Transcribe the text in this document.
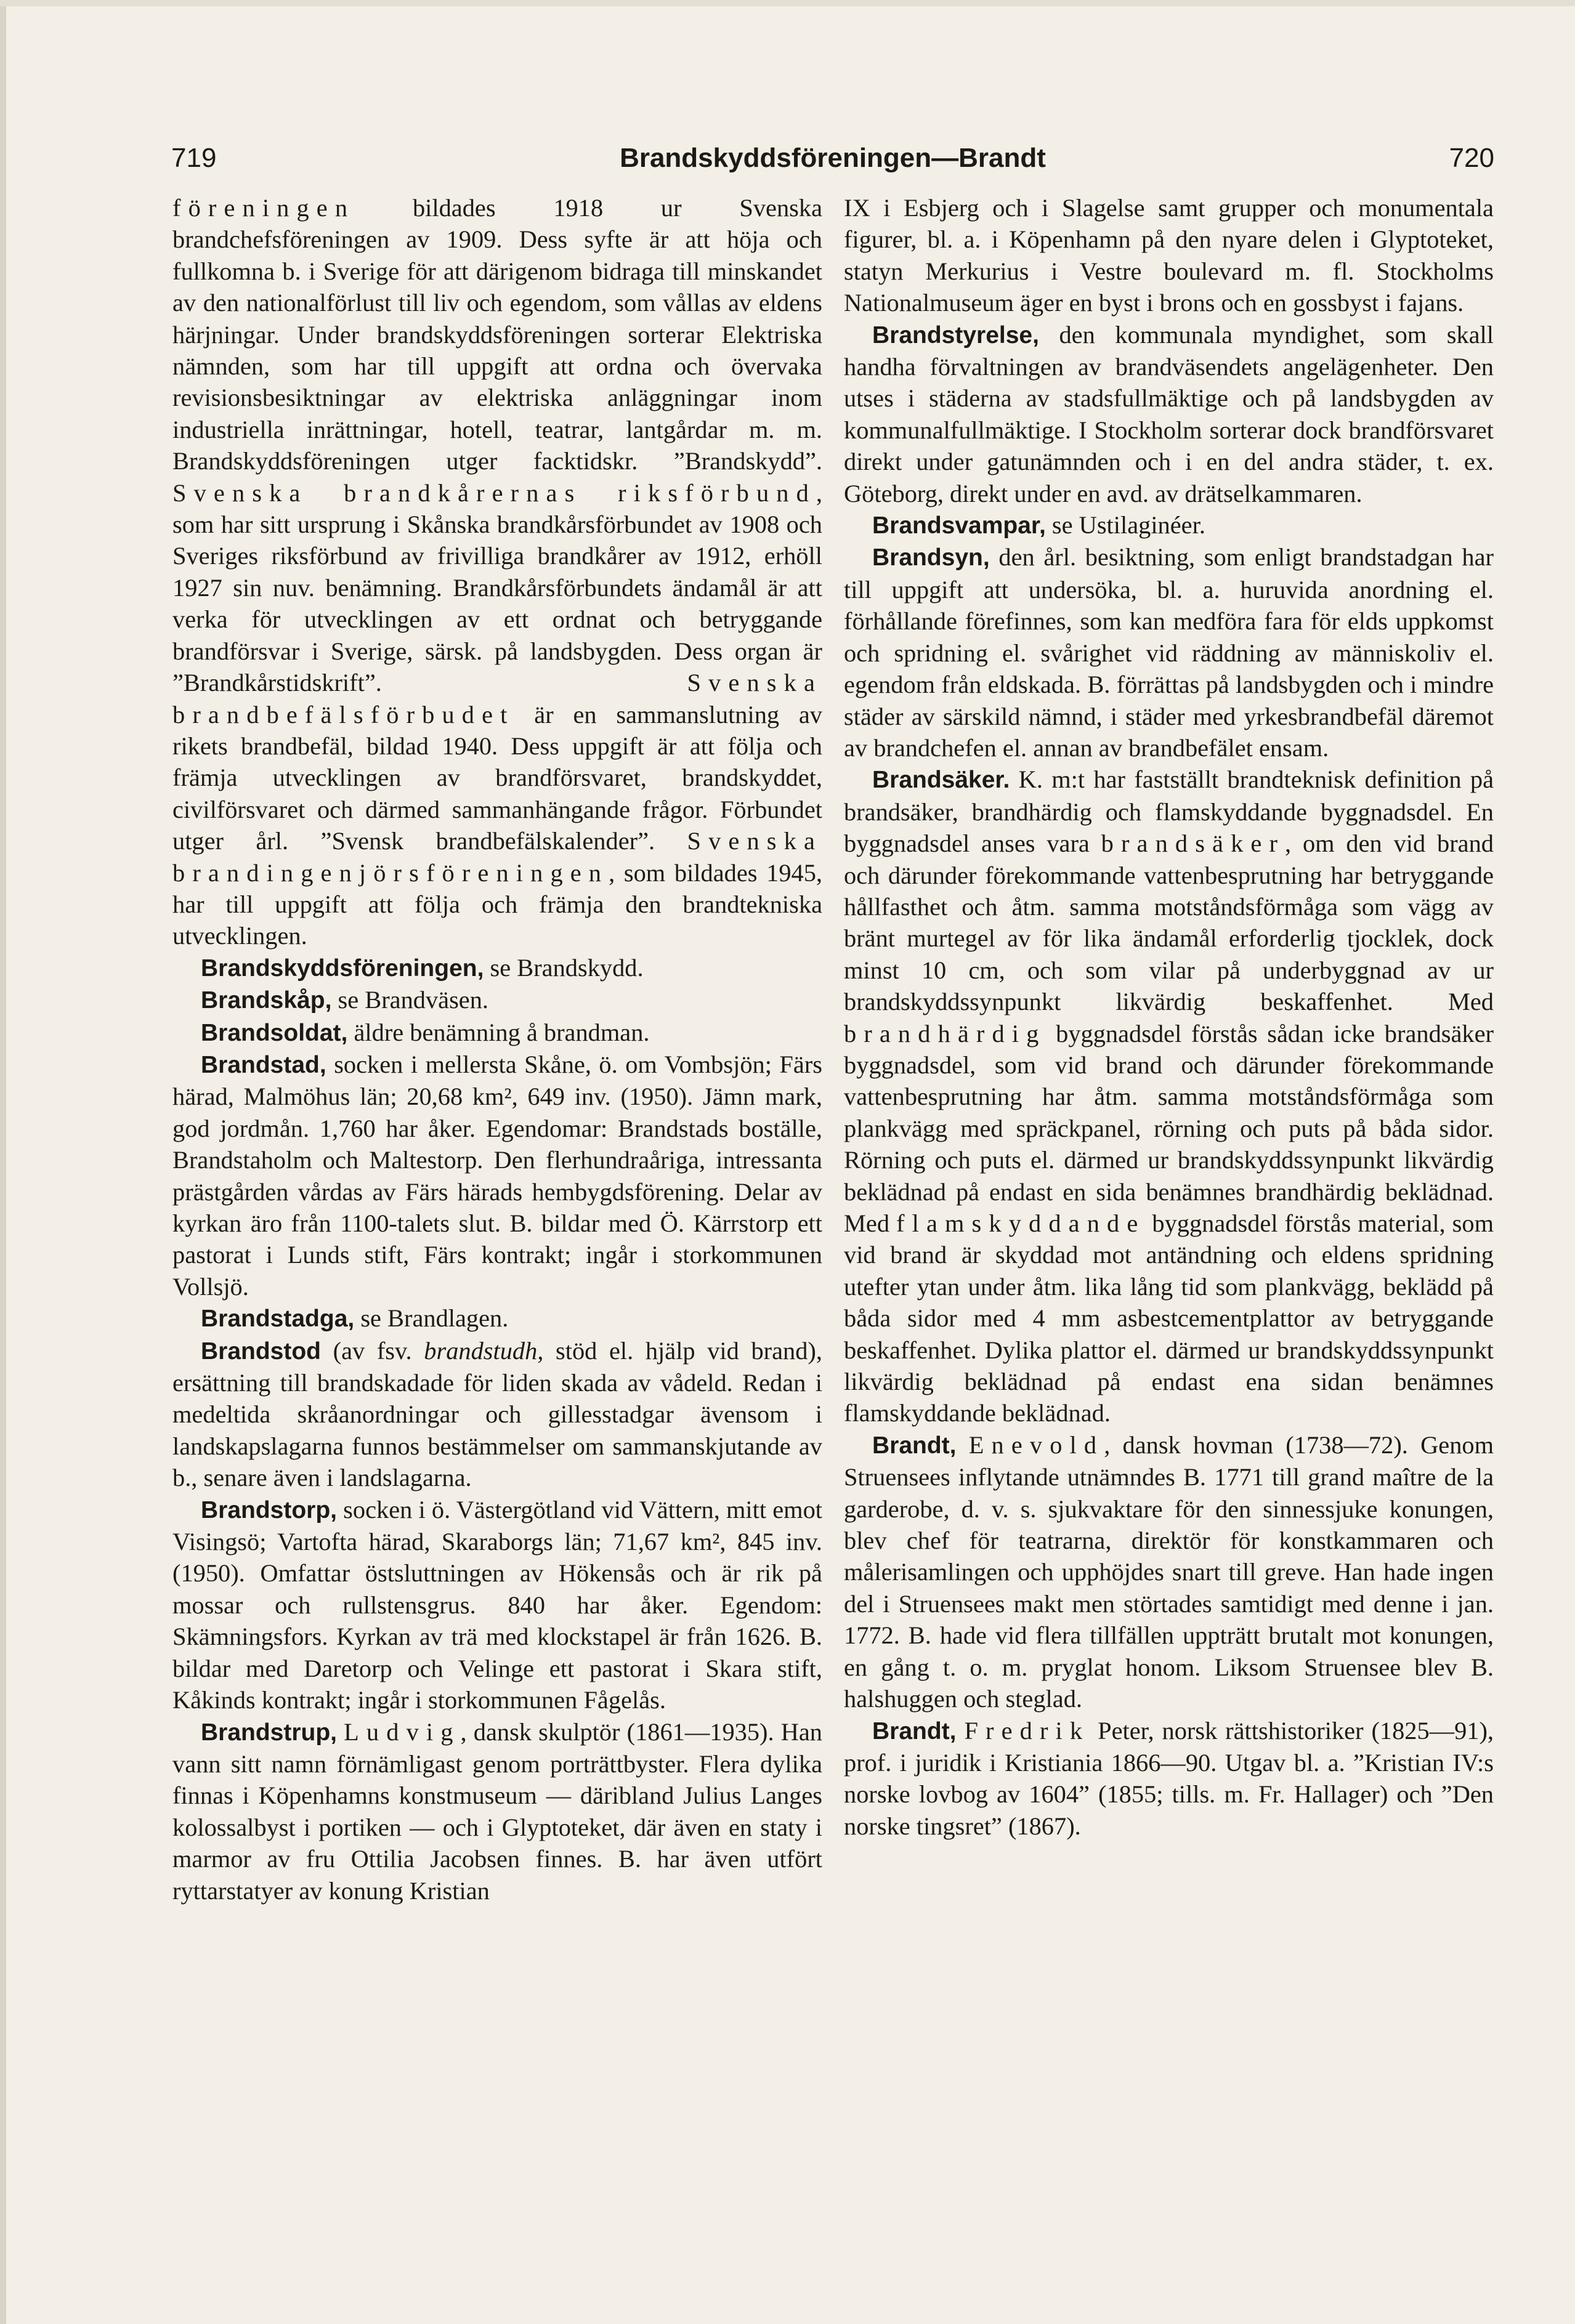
719	Brandskyddsföreningen—Brandt	720

föreningen bildades 1918 ur Svenska brandchefsföreningen av 1909. Dess syfte är att höja och fullkomna b. i Sverige för att därigenom bidraga till minskandet av den nationalförlust till liv och egendom, som vållas av eldens härjningar. Under brandskyddsföreningen sorterar Elektriska nämnden, som har till uppgift att ordna och övervaka revisionsbesiktningar av elektriska anläggningar inom industriella inrättningar, hotell, teatrar, lantgårdar m. m. Brandskyddsföreningen utger facktidskr. ”Brandskydd”. Svenska brandkårernas riksförbund, som har sitt ursprung i Skånska brandkårsförbundet av 1908 och Sveriges riksförbund av frivilliga brandkårer av 1912, erhöll 1927 sin nuv. benämning. Brandkårsförbundets ändamål är att verka för utvecklingen av ett ordnat och betryggande brandförsvar i Sverige, särsk. på landsbygden. Dess organ är ”Brandkårstidskrift”. Svenska brandbefälsförbudet är en sammanslutning av rikets brandbefäl, bildad 1940. Dess uppgift är att följa och främja utvecklingen av brandförsvaret, brandskyddet, civilförsvaret och därmed sammanhängande frågor. Förbundet utger årl. ”Svensk brandbefälskalender”. Svenska brandingenjörsföreningen, som bildades 1945, har till uppgift att följa och främja den brandtekniska utvecklingen.

Brandskyddsföreningen, se Brandskydd.

Brandskåp, se Brandväsen.

Brandsoldat, äldre benämning å brandman.

Brandstad, socken i mellersta Skåne, ö. om Vombsjön; Färs härad, Malmöhus län; 20,68 km², 649 inv. (1950). Jämn mark, god jordmån. 1,760 har åker. Egendomar: Brandstads boställe, Brandstaholm och Maltestorp. Den flerhundraåriga, intressanta prästgården vårdas av Färs härads hembygdsförening. Delar av kyrkan äro från 1100-talets slut. B. bildar med Ö. Kärrstorp ett pastorat i Lunds stift, Färs kontrakt; ingår i storkommunen Vollsjö.

Brandstadga, se Brandlagen.

Brandstod (av fsv. brandstudh, stöd el. hjälp vid brand), ersättning till brandskadade för liden skada av vådeld. Redan i medeltida skråanordningar och gillesstadgar ävensom i landskapslagarna funnos bestämmelser om sammanskjutande av b., senare även i landslagarna.

Brandstorp, socken i ö. Västergötland vid Vättern, mitt emot Visingsö; Vartofta härad, Skaraborgs län; 71,67 km², 845 inv. (1950). Omfattar östsluttningen av Hökensås och är rik på mossar och rullstensgrus. 840 har åker. Egendom: Skämningsfors. Kyrkan av trä med klockstapel är från 1626. B. bildar med Daretorp och Velinge ett pastorat i Skara stift, Kåkinds kontrakt; ingår i storkommunen Fågelås.

Brandstrup, Ludvig, dansk skulptör (1861—1935). Han vann sitt namn förnämligast genom porträttbyster. Flera dylika finnas i Köpenhamns konstmuseum — däribland Julius Langes kolossalbyst i portiken — och i Glyptoteket, där även en staty i marmor av fru Ottilia Jacobsen finnes. B. har även utfört ryttarstatyer av konung Kristian

IX i Esbjerg och i Slagelse samt grupper och monumentala figurer, bl. a. i Köpenhamn på den nyare delen i Glyptoteket, statyn Merkurius i Vestre boulevard m. fl. Stockholms Nationalmuseum äger en byst i brons och en gossbyst i fajans.

Brandstyrelse, den kommunala myndighet, som skall handha förvaltningen av brandväsendets angelägenheter. Den utses i städerna av stadsfullmäktige och på landsbygden av kommunalfullmäktige. I Stockholm sorterar dock brandförsvaret direkt under gatunämnden och i en del andra städer, t. ex. Göteborg, direkt under en avd. av drätselkammaren.

Brandsvampar, se Ustilaginéer.

Brandsyn, den årl. besiktning, som enligt brandstadgan har till uppgift att undersöka, bl. a. huruvida anordning el. förhållande förefinnes, som kan medföra fara för elds uppkomst och spridning el. svårighet vid räddning av människoliv el. egendom från eldskada. B. förrättas på landsbygden och i mindre städer av särskild nämnd, i städer med yrkesbrandbefäl däremot av brandchefen el. annan av brandbefälet ensam.

Brandsäker. K. m:t har fastställt brandteknisk definition på brandsäker, brandhärdig och flamskyddande byggnadsdel. En byggnadsdel anses vara brandsäker, om den vid brand och därunder förekommande vattenbesprutning har betryggande hållfasthet och åtm. samma motståndsförmåga som vägg av bränt murtegel av för lika ändamål erforderlig tjocklek, dock minst 10 cm, och som vilar på underbyggnad av ur brandskyddssynpunkt likvärdig beskaffenhet. Med brandhärdig byggnadsdel förstås sådan icke brandsäker byggnadsdel, som vid brand och därunder förekommande vattenbesprutning har åtm. samma motståndsförmåga som plankvägg med spräckpanel, rörning och puts på båda sidor. Rörning och puts el. därmed ur brandskyddssynpunkt likvärdig beklädnad på endast en sida benämnes brandhärdig beklädnad. Med flamskyddande byggnadsdel förstås material, som vid brand är skyddad mot antändning och eldens spridning utefter ytan under åtm. lika lång tid som plankvägg, beklädd på båda sidor med 4 mm asbestcementplattor av betryggande beskaffenhet. Dylika plattor el. därmed ur brandskyddssynpunkt likvärdig beklädnad på endast ena sidan benämnes flamskyddande beklädnad.

Brandt, Enevold, dansk hovman (1738—72). Genom Struensees inflytande utnämndes B. 1771 till grand maître de la garderobe, d. v. s. sjukvaktare för den sinnessjuke konungen, blev chef för teatrarna, direktör för konstkammaren och målerisamlingen och upphöjdes snart till greve. Han hade ingen del i Struensees makt men störtades samtidigt med denne i jan. 1772. B. hade vid flera tillfällen uppträtt brutalt mot konungen, en gång t. o. m. pryglat honom. Liksom Struensee blev B. halshuggen och steglad.

Brandt, Fredrik Peter, norsk rättshistoriker (1825—91), prof. i juridik i Kristiania 1866—90. Utgav bl. a. ”Kristian IV:s norske lovbog av 1604” (1855; tills. m. Fr. Hallager) och ”Den norske tingsret” (1867).
